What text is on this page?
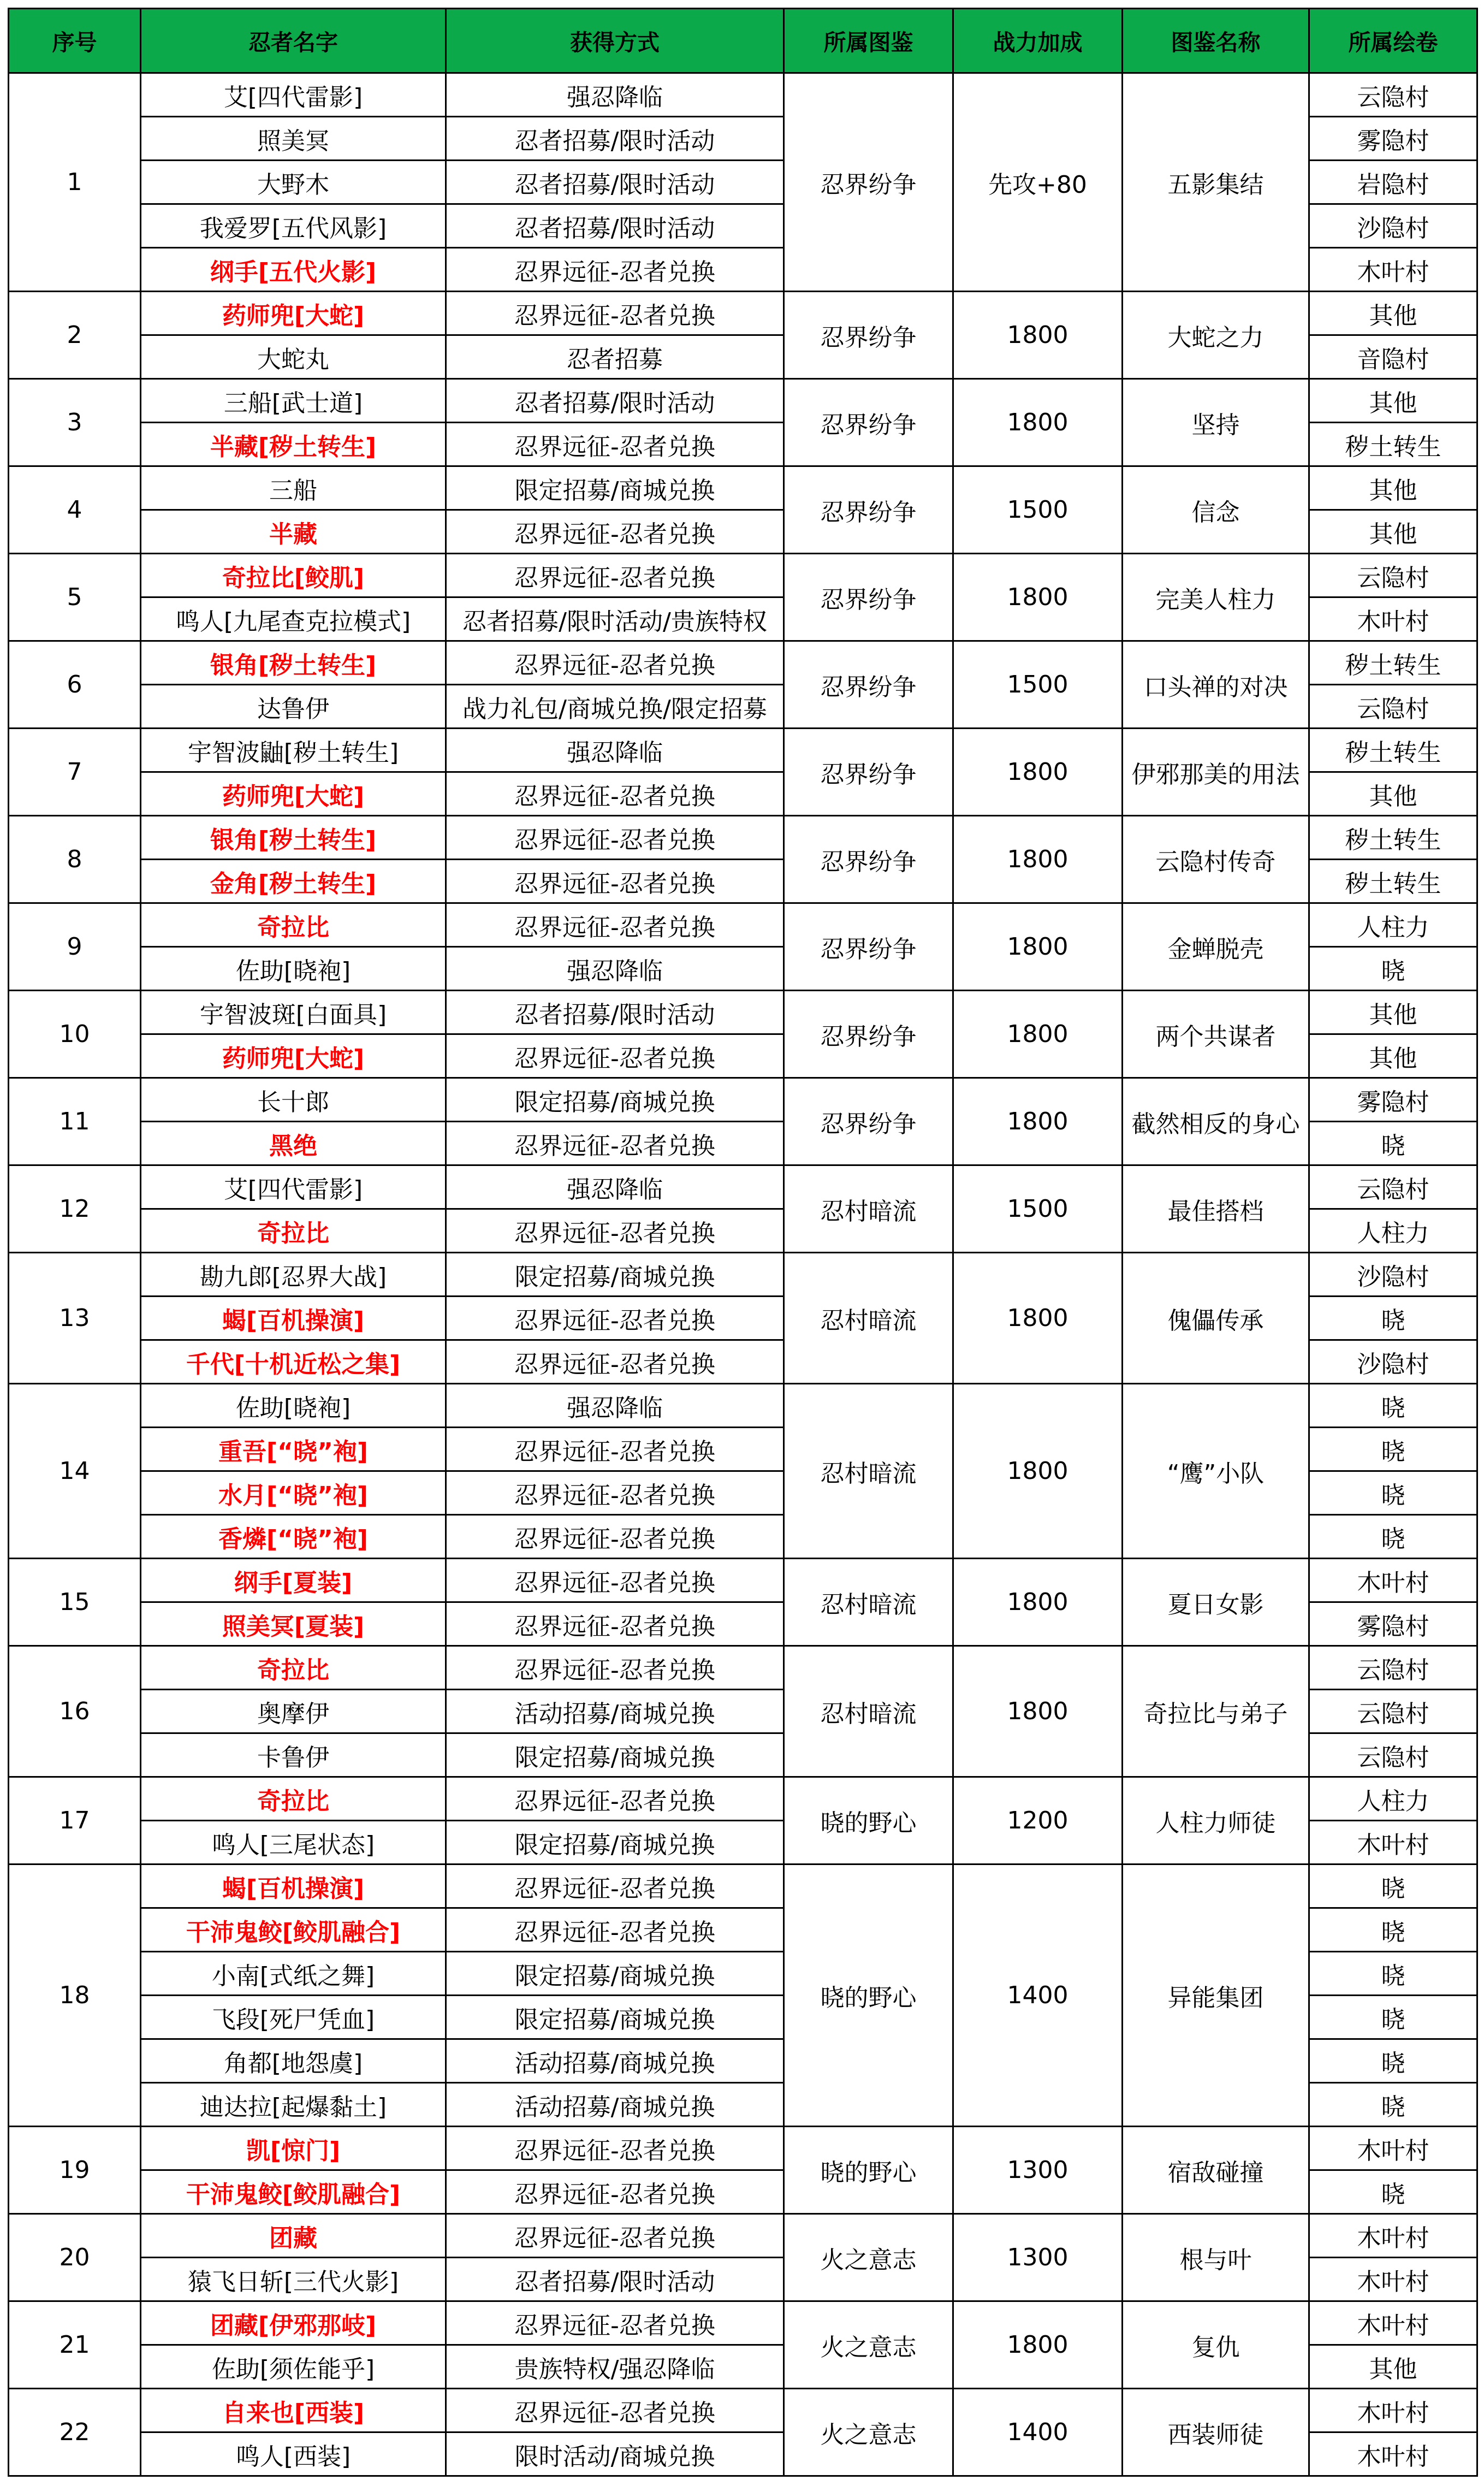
序号	忍者名字	获得方式	所属图鉴	战力加成	图鉴名称	所属绘卷
1	艾[四代雷影]	强忍降临	忍界纷争	先攻+80	五影集结	云隐村
	照美冥	忍者招募/限时活动				雾隐村
	大野木	忍者招募/限时活动				岩隐村
	我爱罗[五代风影]	忍者招募/限时活动				沙隐村
	纲手[五代火影]	忍界远征-忍者兑换				木叶村
2	药师兜[大蛇]	忍界远征-忍者兑换	忍界纷争	1800	大蛇之力	其他
	大蛇丸	忍者招募				音隐村
3	三船[武士道]	忍者招募/限时活动	忍界纷争	1800	坚持	其他
	半藏[秽土转生]	忍界远征-忍者兑换				秽土转生
4	三船	限定招募/商城兑换	忍界纷争	1500	信念	其他
	半藏	忍界远征-忍者兑换				其他
5	奇拉比[鲛肌]	忍界远征-忍者兑换	忍界纷争	1800	完美人柱力	云隐村
	鸣人[九尾查克拉模式]	忍者招募/限时活动/贵族特权				木叶村
6	银角[秽土转生]	忍界远征-忍者兑换	忍界纷争	1500	口头禅的对决	秽土转生
	达鲁伊	战力礼包/商城兑换/限定招募				云隐村
7	宇智波鼬[秽土转生]	强忍降临	忍界纷争	1800	伊邪那美的用法	秽土转生
	药师兜[大蛇]	忍界远征-忍者兑换				其他
8	银角[秽土转生]	忍界远征-忍者兑换	忍界纷争	1800	云隐村传奇	秽土转生
	金角[秽土转生]	忍界远征-忍者兑换				秽土转生
9	奇拉比	忍界远征-忍者兑换	忍界纷争	1800	金蝉脱壳	人柱力
	佐助[晓袍]	强忍降临				晓
10	宇智波斑[白面具]	忍者招募/限时活动	忍界纷争	1800	两个共谋者	其他
	药师兜[大蛇]	忍界远征-忍者兑换				其他
11	长十郎	限定招募/商城兑换	忍界纷争	1800	截然相反的身心	雾隐村
	黑绝	忍界远征-忍者兑换				晓
12	艾[四代雷影]	强忍降临	忍村暗流	1500	最佳搭档	云隐村
	奇拉比	忍界远征-忍者兑换				人柱力
13	勘九郎[忍界大战]	限定招募/商城兑换	忍村暗流	1800	傀儡传承	沙隐村
	蝎[百机操演]	忍界远征-忍者兑换				晓
	千代[十机近松之集]	忍界远征-忍者兑换				沙隐村
14	佐助[晓袍]	强忍降临	忍村暗流	1800	“鹰”小队	晓
	重吾[“晓”袍]	忍界远征-忍者兑换				晓
	水月[“晓”袍]	忍界远征-忍者兑换				晓
	香燐[“晓”袍]	忍界远征-忍者兑换				晓
15	纲手[夏装]	忍界远征-忍者兑换	忍村暗流	1800	夏日女影	木叶村
	照美冥[夏装]	忍界远征-忍者兑换				雾隐村
16	奇拉比	忍界远征-忍者兑换	忍村暗流	1800	奇拉比与弟子	云隐村
	奥摩伊	活动招募/商城兑换				云隐村
	卡鲁伊	限定招募/商城兑换				云隐村
17	奇拉比	忍界远征-忍者兑换	晓的野心	1200	人柱力师徒	人柱力
	鸣人[三尾状态]	限定招募/商城兑换				木叶村
18	蝎[百机操演]	忍界远征-忍者兑换	晓的野心	1400	异能集团	晓
	干沛鬼鲛[鲛肌融合]	忍界远征-忍者兑换				晓
	小南[式纸之舞]	限定招募/商城兑换				晓
	飞段[死尸凭血]	限定招募/商城兑换				晓
	角都[地怨虞]	活动招募/商城兑换				晓
	迪达拉[起爆黏土]	活动招募/商城兑换				晓
19	凯[惊门]	忍界远征-忍者兑换	晓的野心	1300	宿敌碰撞	木叶村
	干沛鬼鲛[鲛肌融合]	忍界远征-忍者兑换				晓
20	团藏	忍界远征-忍者兑换	火之意志	1300	根与叶	木叶村
	猿飞日斩[三代火影]	忍者招募/限时活动				木叶村
21	团藏[伊邪那岐]	忍界远征-忍者兑换	火之意志	1800	复仇	木叶村
	佐助[须佐能乎]	贵族特权/强忍降临				其他
22	自来也[西装]	忍界远征-忍者兑换	火之意志	1400	西装师徒	木叶村
	鸣人[西装]	限时活动/商城兑换				木叶村
